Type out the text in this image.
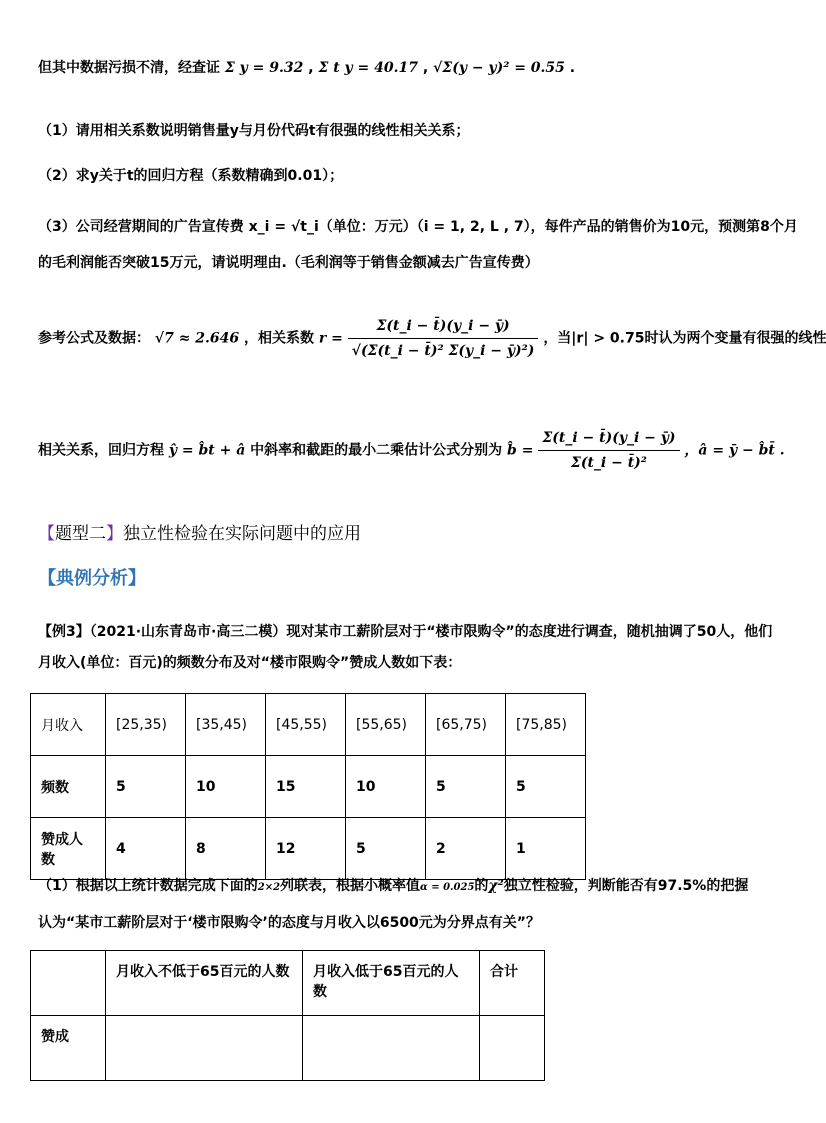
但其中数据污损不清，经查证 Σ y = 9.32 , Σ t y = 40.17 , √Σ(y − y)² = 0.55 .
（1）请用相关系数说明销售量y与月份代码t有很强的线性相关关系；
（2）求y关于t的回归方程（系数精确到0.01）；
（3）公司经营期间的广告宣传费 x_i = √t_i（单位：万元）（i = 1, 2, L , 7），每件产品的销售价为10元，预测第8个月
的毛利润能否突破15万元，请说明理由.（毛利润等于销售金额减去广告宣传费）
参考公式及数据： √7 ≈ 2.646 ，相关系数 $r = \frac{\Sigma(t\_i - t̄)(y\_i - ȳ)}{\text{√(Σ(t\_i − t̄)² Σ(y\_i − ȳ)²)}}$ ，当|r| > 0.75时认为两个变量有很强的线性
相关关系，回归方程 ŷ = b̂t + â 中斜率和截距的最小二乘估计公式分别为 b̂ = $\frac{\Sigma(t\_i - t̄)(y\_i - ȳ)}{\text{Σ(t\_i − t̄)²}}$ ，â = ȳ − b̂t̄ .
【题型二】独立性检验在实际问题中的应用
【典例分析】
【例3】（2021·山东青岛市·高三二模）现对某市工薪阶层对于“楼市限购令”的态度进行调查，随机抽调了50人，他们
月收入(单位：百元)的频数分布及对“楼市限购令”赞成人数如下表：
月收入	[25,35)	[35,45)	[45,55)	[55,65)	[65,75)	[75,85)
频数	5	10	15	10	5	5
赞成人数	4	8	12	5	2	1
（1）根据以上统计数据完成下面的2×2列联表，根据小概率值α = 0.025的χ²独立性检验，判断能否有97.5%的把握
认为“某市工薪阶层对于‘楼市限购令’的态度与月收入以6500元为分界点有关”？
	月收入不低于65百元的人数	月收入低于65百元的人数	合计
赞成			
